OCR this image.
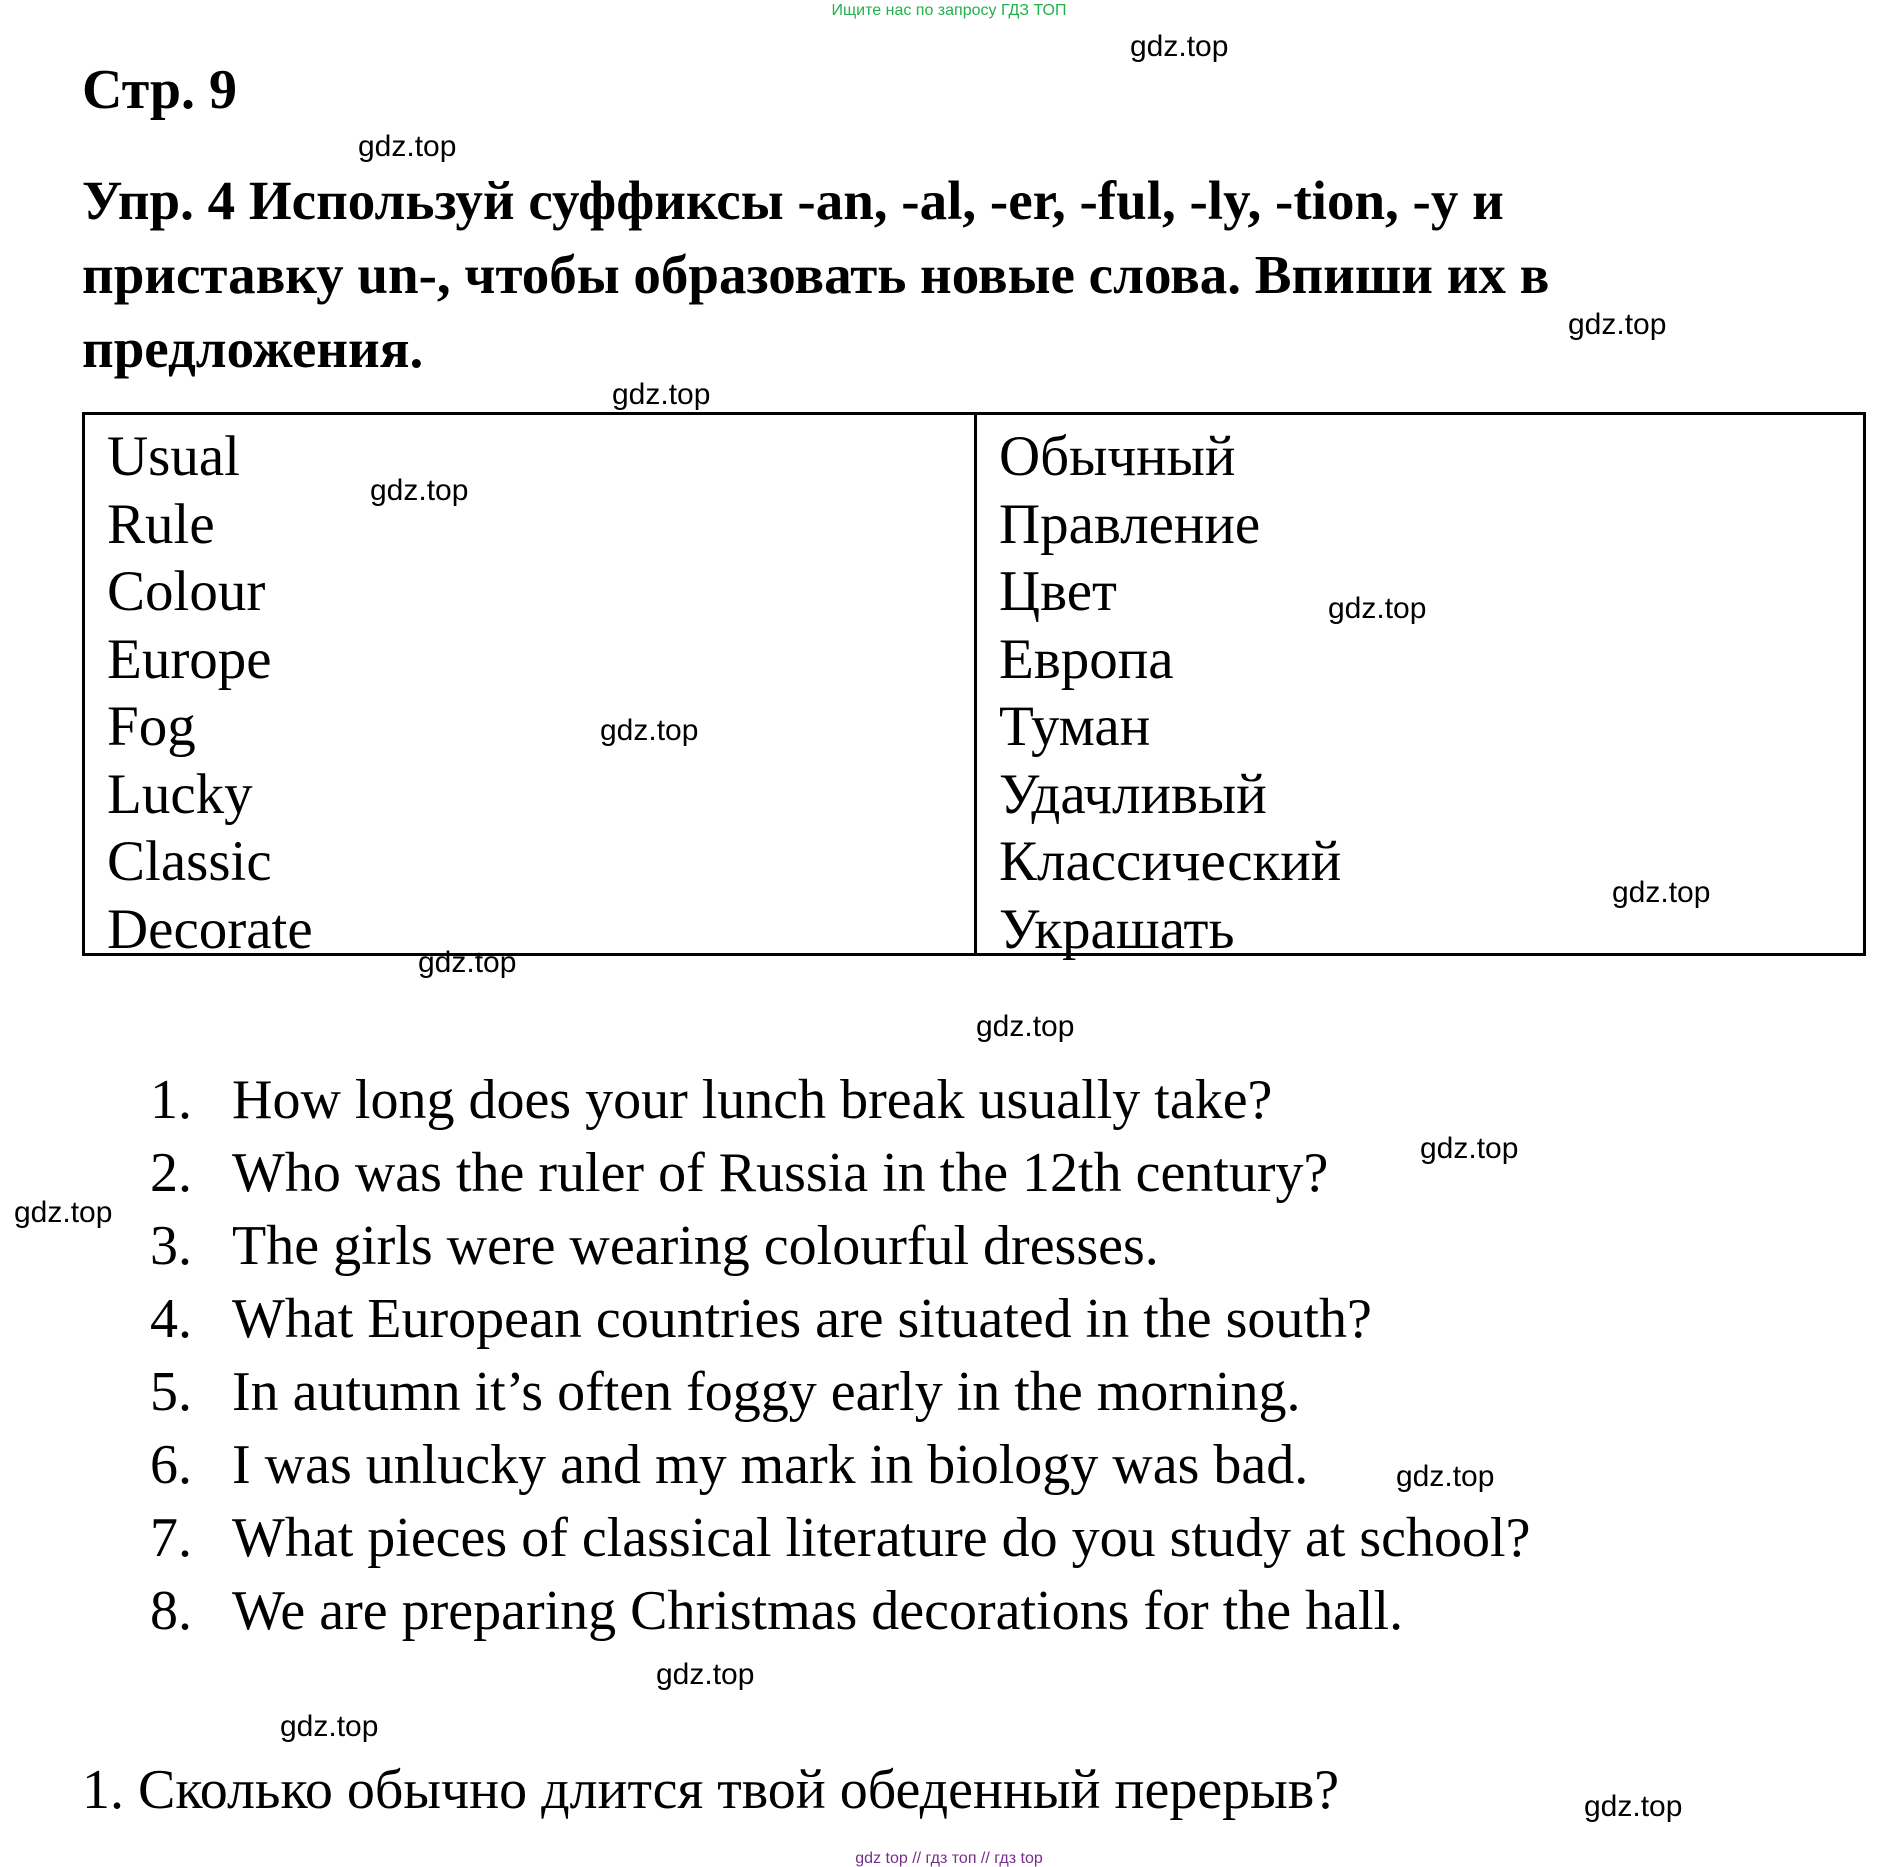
Ищите нас по запросу ГДЗ ТОП
Стр. 9
Упр. 4 Используй суффиксы -an, -al, -er, -ful, -ly, -tion, -y и приставку un-, чтобы образовать новые слова. Впиши их в предложения.
Usual
Rule
Colour
Europe
Fog
Lucky
Classic
Decorate
Обычный
Правление
Цвет
Европа
Туман
Удачливый
Классический
Украшать
1. How long does your lunch break usually take?
2. Who was the ruler of Russia in the 12th century?
3. The girls were wearing colourful dresses.
4. What European countries are situated in the south?
5. In autumn it’s often foggy early in the morning.
6. I was unlucky and my mark in biology was bad.
7. What pieces of classical literature do you study at school?
8. We are preparing Christmas decorations for the hall.
1. Сколько обычно длится твой обеденный перерыв?
gdz.top
gdz.top
gdz.top
gdz.top
gdz.top
gdz.top
gdz.top
gdz.top
gdz.top
gdz.top
gdz.top
gdz.top
gdz.top
gdz.top
gdz.top
gdz.top
gdz top // гдз топ // гдз top
